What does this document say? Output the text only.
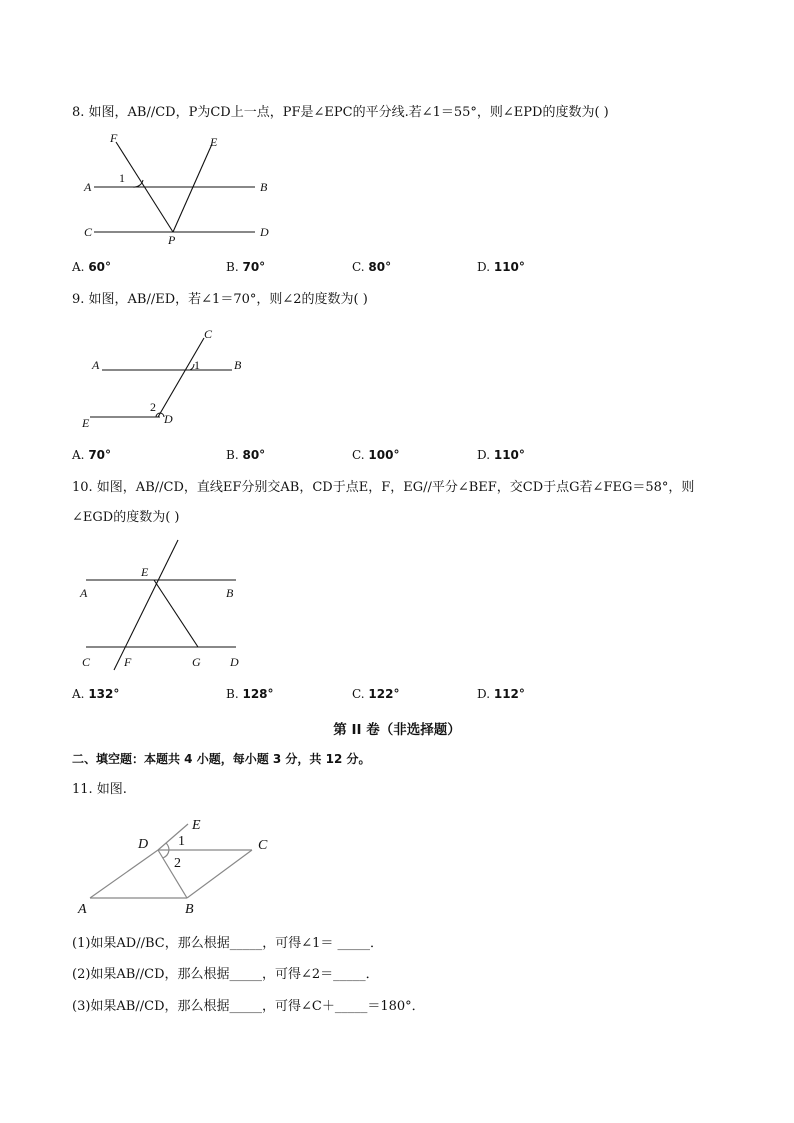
8. 如图，AB//CD，P为CD上一点，PF是∠EPC的平分线.若∠1＝55°，则∠EPD的度数为( )
F	E
A	B
C	D
P
1
A. 60°	B. 70°	C. 80°	D. 110°
9. 如图，AB//ED，若∠1＝70°，则∠2的度数为( )
C
A	B
E	D
1
2
A. 70°	B. 80°	C. 100°	D. 110°
10. 如图，AB//CD，直线EF分别交AB，CD于点E，F，EG//平分∠BEF，交CD于点G若∠FEG＝58°，则
∠EGD的度数为( )
E
A	B
C	F	G D
A. 132°	B. 128°	C. 122°	D. 112°
第 II 卷（非选择题）
二、填空题：本题共 4 小题，每小题 3 分，共 12 分。
11. 如图.
E
D	C
A	B
1
2
(1)如果AD//BC，那么根据_____，可得∠1＝ _____．
(2)如果AB//CD，那么根据_____，可得∠2＝_____．
(3)如果AB//CD，那么根据_____，可得∠C＋_____＝180°．
